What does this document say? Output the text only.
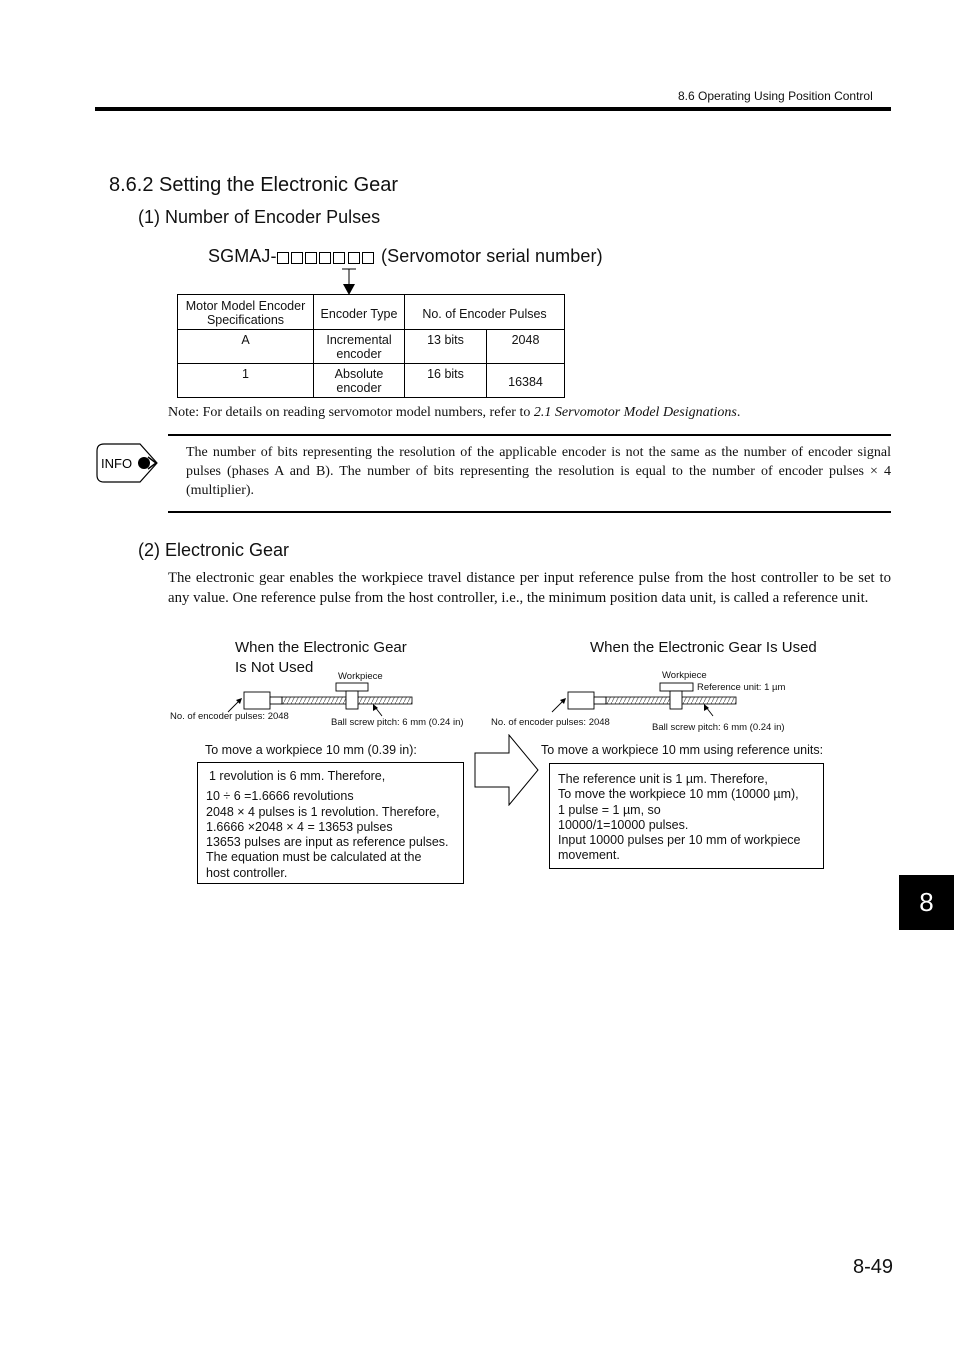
8.6 Operating Using Position Control
8.6.2 Setting the Electronic Gear
(1) Number of Encoder Pulses
SGMAJ-	(Servomotor serial number)
Motor Model Encoder Specifications	Encoder Type	No. of Encoder Pulses	
A	Incremental encoder	13 bits	2048
1	Absolute encoder	16 bits	16384
Note: For details on reading servomotor model numbers, refer to 2.1 Servomotor Model Designations.
INFO
The number of bits representing the resolution of the applicable encoder is not the same as the number of encoder signal pulses (phases A and B). The number of bits representing the resolution is equal to the number of encoder pulses × 4 (multiplier).
(2) Electronic Gear
The electronic gear enables the workpiece travel distance per input reference pulse from the host controller to be set to any value. One reference pulse from the host controller, i.e., the minimum position data unit, is called a reference unit.
When the Electronic Gear
Is Not Used
Workpiece
No. of encoder pulses: 2048
Ball screw pitch: 6 mm (0.24 in)
To move a workpiece 10 mm (0.39 in):
1 revolution is 6 mm. Therefore,
10 ÷ 6 =1.6666 revolutions
2048 × 4 pulses is 1 revolution. Therefore,
1.6666 ×2048 × 4 = 13653 pulses
13653 pulses are input as reference pulses.
The equation must be calculated at the
host controller.
When the Electronic Gear Is Used
Workpiece
Reference unit: 1 µm
No. of encoder pulses: 2048	Ball screw pitch: 6 mm (0.24 in)
To move a workpiece 10 mm using reference units:
The reference unit is 1 µm. Therefore,
To move the workpiece 10 mm (10000 µm),
1 pulse = 1 µm, so
10000/1=10000 pulses.
Input 10000 pulses per 10 mm of workpiece
movement.
8
8-49
